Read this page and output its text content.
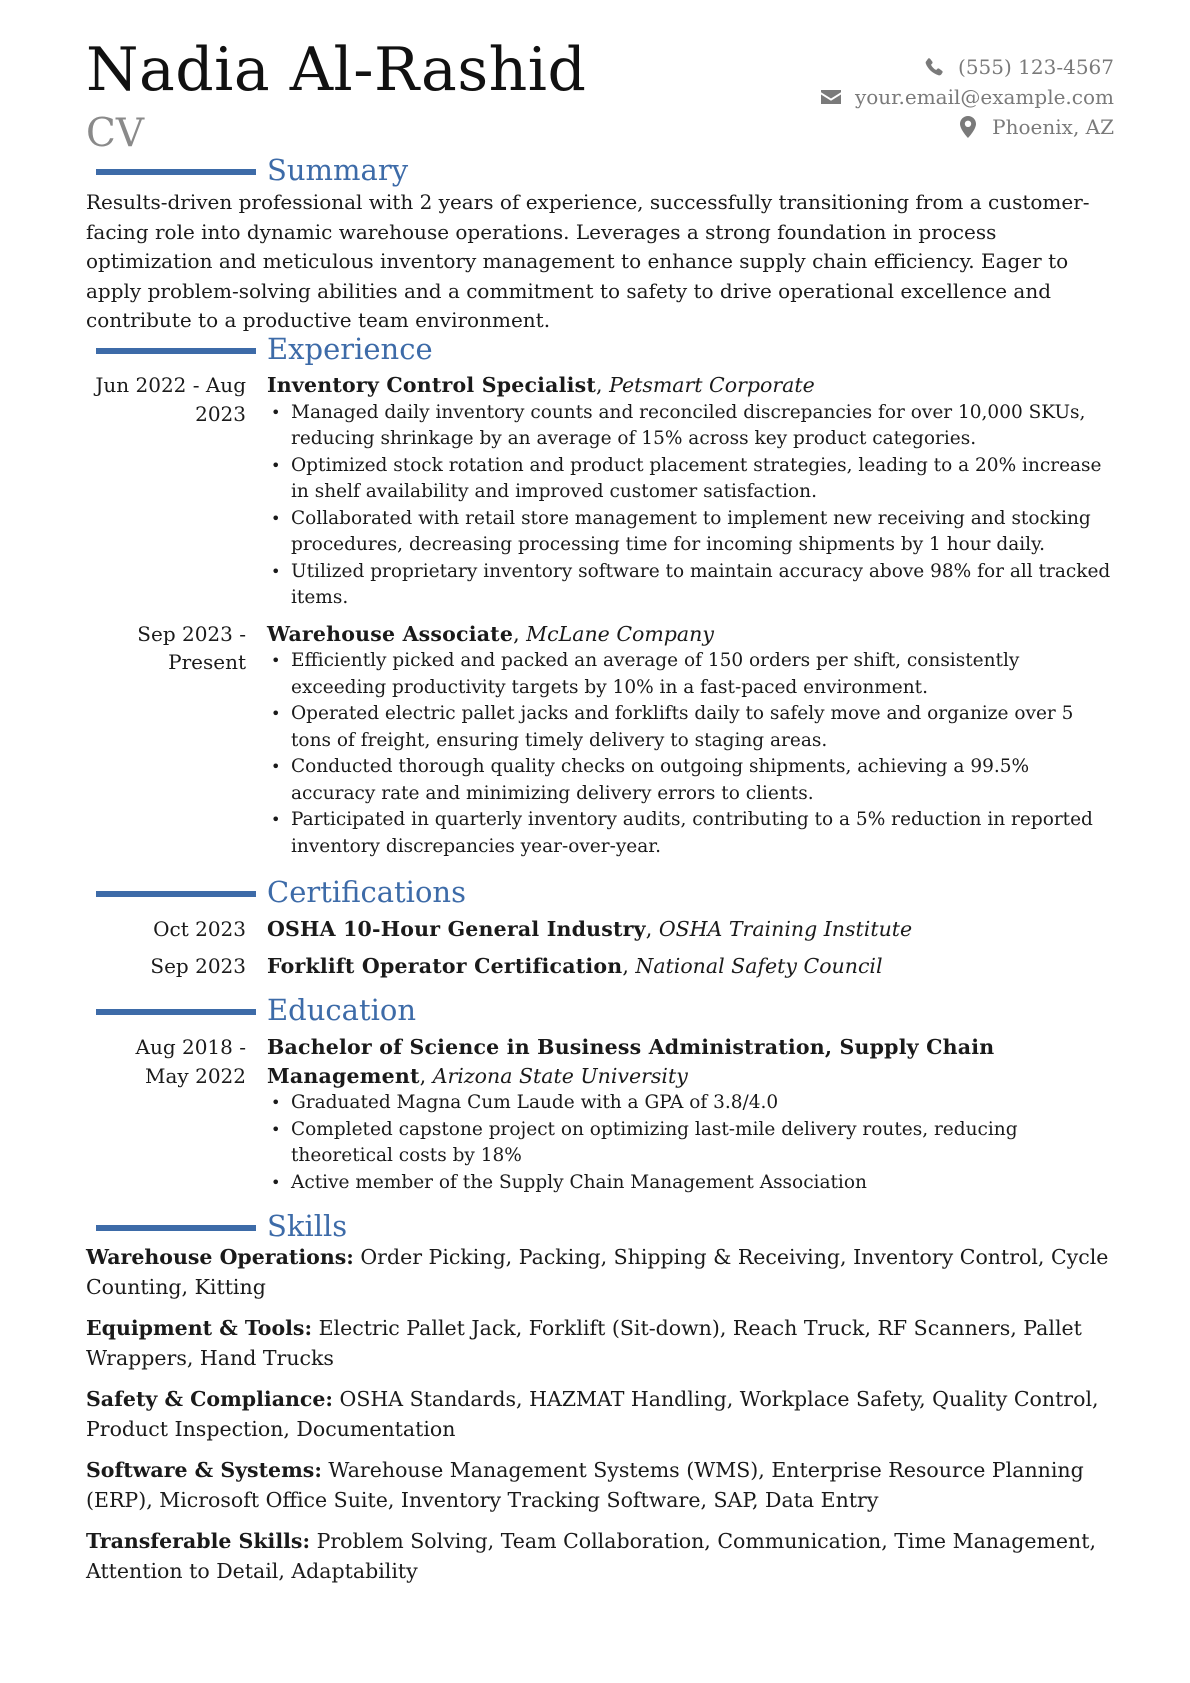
Nadia Al-Rashid
CV
(555) 123-4567
your.email@example.com
Phoenix, AZ
Summary
Results-driven professional with 2 years of experience, successfully transitioning from a customer-facing role into dynamic warehouse operations. Leverages a strong foundation in process optimization and meticulous inventory management to enhance supply chain efficiency. Eager to apply problem-solving abilities and a commitment to safety to drive operational excellence and contribute to a productive team environment.
Experience
Jun 2022 - Aug 2023
Inventory Control Specialist, Petsmart Corporate
• Managed daily inventory counts and reconciled discrepancies for over 10,000 SKUs, reducing shrinkage by an average of 15% across key product categories.
• Optimized stock rotation and product placement strategies, leading to a 20% increase in shelf availability and improved customer satisfaction.
• Collaborated with retail store management to implement new receiving and stocking procedures, decreasing processing time for incoming shipments by 1 hour daily.
• Utilized proprietary inventory software to maintain accuracy above 98% for all tracked items.
Sep 2023 - Present
Warehouse Associate, McLane Company
• Efficiently picked and packed an average of 150 orders per shift, consistently exceeding productivity targets by 10% in a fast-paced environment.
• Operated electric pallet jacks and forklifts daily to safely move and organize over 5 tons of freight, ensuring timely delivery to staging areas.
• Conducted thorough quality checks on outgoing shipments, achieving a 99.5% accuracy rate and minimizing delivery errors to clients.
• Participated in quarterly inventory audits, contributing to a 5% reduction in reported inventory discrepancies year-over-year.
Certifications
Oct 2023	OSHA 10-Hour General Industry, OSHA Training Institute
Sep 2023	Forklift Operator Certification, National Safety Council
Education
Aug 2018 - May 2022
Bachelor of Science in Business Administration, Supply Chain Management, Arizona State University
• Graduated Magna Cum Laude with a GPA of 3.8/4.0
• Completed capstone project on optimizing last-mile delivery routes, reducing theoretical costs by 18%
• Active member of the Supply Chain Management Association
Skills
Warehouse Operations: Order Picking, Packing, Shipping & Receiving, Inventory Control, Cycle Counting, Kitting
Equipment & Tools: Electric Pallet Jack, Forklift (Sit-down), Reach Truck, RF Scanners, Pallet Wrappers, Hand Trucks
Safety & Compliance: OSHA Standards, HAZMAT Handling, Workplace Safety, Quality Control, Product Inspection, Documentation
Software & Systems: Warehouse Management Systems (WMS), Enterprise Resource Planning (ERP), Microsoft Office Suite, Inventory Tracking Software, SAP, Data Entry
Transferable Skills: Problem Solving, Team Collaboration, Communication, Time Management, Attention to Detail, Adaptability
